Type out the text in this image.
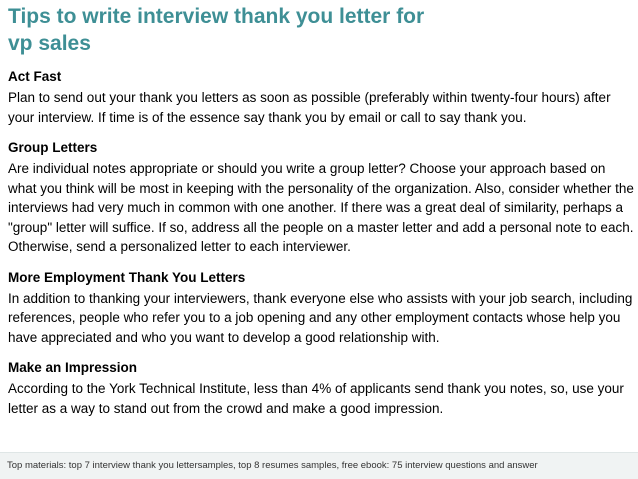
Tips to write interview thank you letter for
vp sales
Act Fast
Plan to send out your thank you letters as soon as possible (preferably within twenty-four hours) after your interview. If time is of the essence say thank you by email or call to say thank you.
Group Letters
Are individual notes appropriate or should you write a group letter? Choose your approach based on what you think will be most in keeping with the personality of the organization. Also, consider whether the interviews had very much in common with one another. If there was a great deal of similarity, perhaps a "group" letter will suffice. If so, address all the people on a master letter and add a personal note to each. Otherwise, send a personalized letter to each interviewer.
More Employment Thank You Letters
In addition to thanking your interviewers, thank everyone else who assists with your job search, including references, people who refer you to a job opening and any other employment contacts whose help you have appreciated and who you want to develop a good relationship with.
Make an Impression
According to the York Technical Institute, less than 4% of applicants send thank you notes, so, use your letter as a way to stand out from the crowd and make a good impression.
Top materials: top 7 interview thank you lettersamples, top 8 resumes samples, free ebook: 75 interview questions and answer
